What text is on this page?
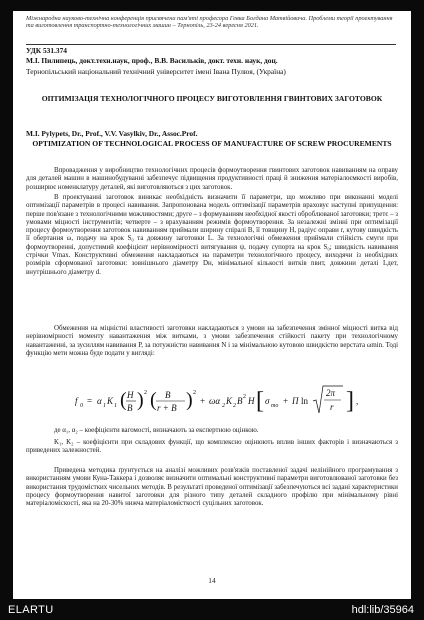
Міжнародна науково-технічна конференція присвячена пам'яті професора Гевка Богдана Матвійовича. Проблеми теорії проектування та виготовлення транспортно-технологічних машин – Тернопіль, 23-24 вересня 2021.
УДК 531.374
М.І. Пилипець, докт.техн.наук, проф., В.В. Васильків, докт. техн. наук, доц.
Тернопільський національний технічний університет імені Івана Пулюя, (Україна)
ОПТИМІЗАЦІЯ ТЕХНОЛОГІЧНОГО ПРОЦЕСУ ВИГОТОВЛЕННЯ ГВИНТОВИХ ЗАГОТОВОК
M.I. Pylypets, Dr., Prof., V.V. Vasylkiv, Dr., Assoc.Prof.
OPTIMIZATION OF TECHNOLOGICAL PROCESS OF MANUFACTURE OF SCREW PROCUREMENTS

Впровадження у виробництво технологічних процесів формоутворення гвинтових заготовок навиванням на оправу для деталей машин в машинобудуванні забезпечує підвищення продуктивності праці й зниження матеріалоємкості виробів, розширює номенклатуру деталей, які виготовляються з цих заготовок.

В проектуванні заготовок виникає необхідність визначити її параметри, що можливо при виконанні моделі оптимізації параметрів в процесі навивання. Запропонована модель оптимізації параметрів враховує наступні припущення: перше пов'язане з технологічними можливостями; друге – з формуванням необхідної якості оброблюваної заготовки; третє – з умовами міцності інструментів; четверте – з врахуванням режимів формоутворення. За незалежні змінні при оптимізації процесу формоутворення заготовок навиванням приймали ширину спіралі B, її товщину H, радіус оправи r, кутову швидкість її обертання ω, подачу на крок S₀ та довжину заготовки L. За технологічні обмеження приймали стійкість смуги при формоутворенні, допустимий коефіцієнт нерівномірності витягування ψ, подачу супорта на крок S₀; швидкість навивання стрічки Vmax. Конструктивні обмеження накладаються на параметри технологічного процесу, виходячи із необхідних розмірів сформованої заготовки: зовнішнього діаметру Dн, мінімальної кількості витків nвит, довжини деталі Lдет, внутрішнього діаметру d.

Обмеження на міцністні властивості заготовки накладаються з умови на забезпечення змінної міцності витка від нерівномірності моменту навантаження між витками, з умови забезпечення стійкості пакету при технологічному навантаженні, за зусиллям навивання P, за потужністю навивання N і за мінімальною кутовою швидкістю верстата ωmin. Тоді функцію мети можна буде подати у вигляді:

f 0 = α 1 K 1 ( H
B ) 2 ( B
r + B ) 2
+ ωα 2 K 2 B 2 H [ σ mo + П ln
2π
r ] ,

де α₁, α₂ – коефіцієнти вагомості, визначають за експертною оцінкою.

K₁, K₂ – коефіцієнти при складових функції, що комплексно оцінюють вплив інших факторів і визначаються з приведених залежностей.

Приведена методика ґрунтується на аналізі можливих розв'язків поставленої задачі нелінійного програмування з використанням умови Куна-Таккера і дозволяє визначити оптимальні конструктивні параметри виготовлюваної заготовки без використання трудомістких чисельних методів. В результаті проведеної оптимізації забезпечуються всі задані характеристики процесу формоутворення навитої заготовки для різного типу деталей складного профілю при мінімальному рівні матеріаломіскості, яка на 20-30% нижча матеріаломісткості суцільних заготовок.

14
ELARTU	hdl:lib/35964
